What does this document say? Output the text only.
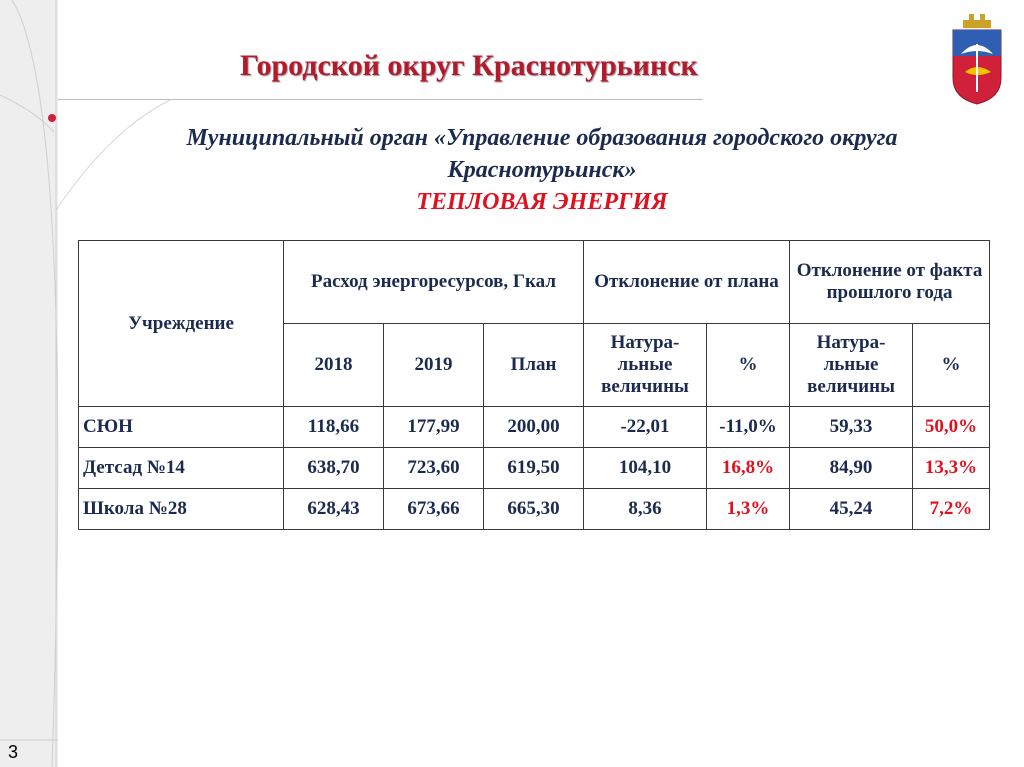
Городской округ Краснотурьинск
Муниципальный орган «Управление образования городского округа
Краснотурьинск»
ТЕПЛОВАЯ ЭНЕРГИЯ
Учреждение	Расход энергоресурсов, Гкал			Отклонение от плана		Отклонение от факта прошлого года	
	2018	2019	План	Натура-льные величины	%	Натура-льные величины	%
СЮН	118,66	177,99	200,00	-22,01	-11,0%	59,33	50,0%
Детсад №14	638,70	723,60	619,50	104,10	16,8%	84,90	13,3%
Школа №28	628,43	673,66	665,30	8,36	1,3%	45,24	7,2%
3
